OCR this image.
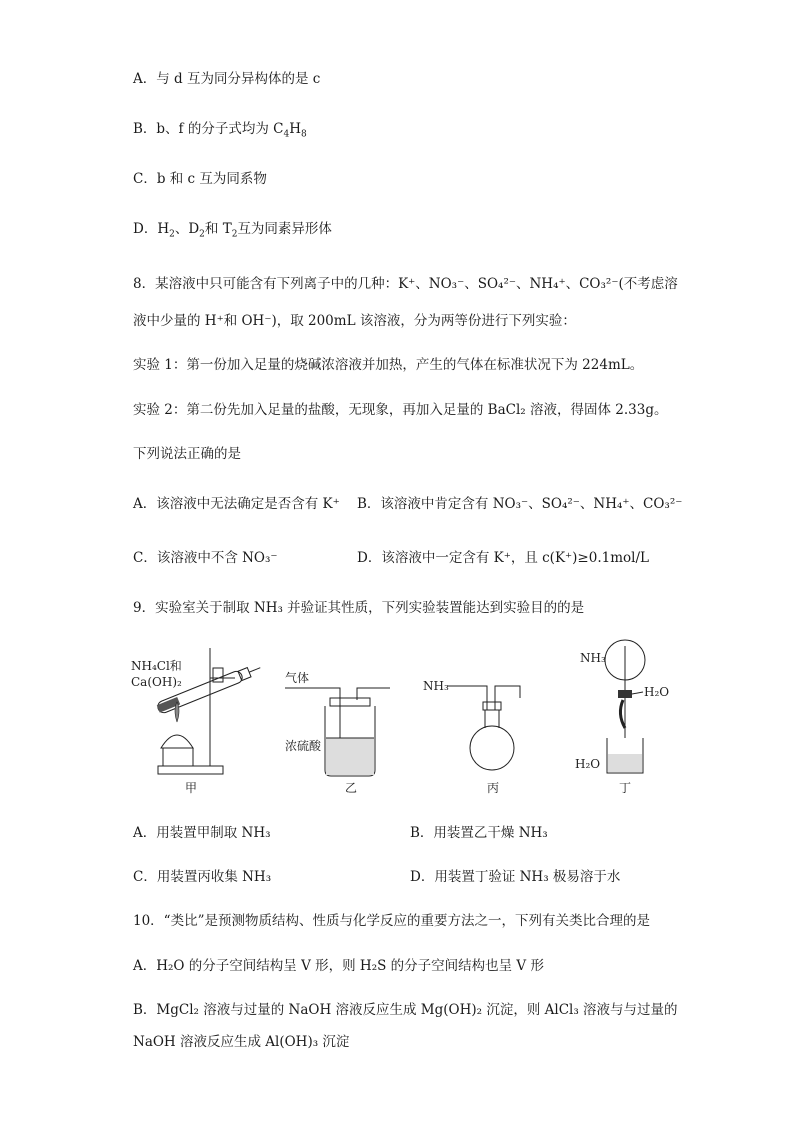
A．与 d 互为同分异构体的是 c
B．b、f 的分子式均为 $C_4H_8$
C．b 和 c 互为同系物
D．$H_2$、$D_2$和 $T_2$互为同素异形体
8．某溶液中只可能含有下列离子中的几种：K⁺、NO₃⁻、SO₄²⁻、NH₄⁺、CO₃²⁻(不考虑溶
液中少量的 H⁺和 OH⁻)，取 200mL 该溶液，分为两等份进行下列实验：
实验 1：第一份加入足量的烧碱浓溶液并加热，产生的气体在标准状况下为 224mL。
实验 2：第二份先加入足量的盐酸，无现象，再加入足量的 BaCl₂ 溶液，得固体 2.33g。
下列说法正确的是
A．该溶液中无法确定是否含有 K⁺ B．该溶液中肯定含有 NO₃⁻、SO₄²⁻、NH₄⁺、CO₃²⁻
C．该溶液中不含 NO₃⁻	D．该溶液中一定含有 K⁺，且 c(K⁺)≥0.1mol/L
9．实验室关于制取 NH₃ 并验证其性质，下列实验装置能达到实验目的的是
NH₄Cl和
Ca(OH)₂	气体
浓硫酸
NH₃
NH₃
H₂O
H₂O
甲	乙	丙	丁
A．用装置甲制取 NH₃	B．用装置乙干燥 NH₃
C．用装置丙收集 NH₃	D．用装置丁验证 NH₃ 极易溶于水
10．“类比”是预测物质结构、性质与化学反应的重要方法之一，下列有关类比合理的是
A．H₂O 的分子空间结构呈 V 形，则 H₂S 的分子空间结构也呈 V 形
B．MgCl₂ 溶液与过量的 NaOH 溶液反应生成 Mg(OH)₂ 沉淀，则 AlCl₃ 溶液与与过量的
NaOH 溶液反应生成 Al(OH)₃ 沉淀
